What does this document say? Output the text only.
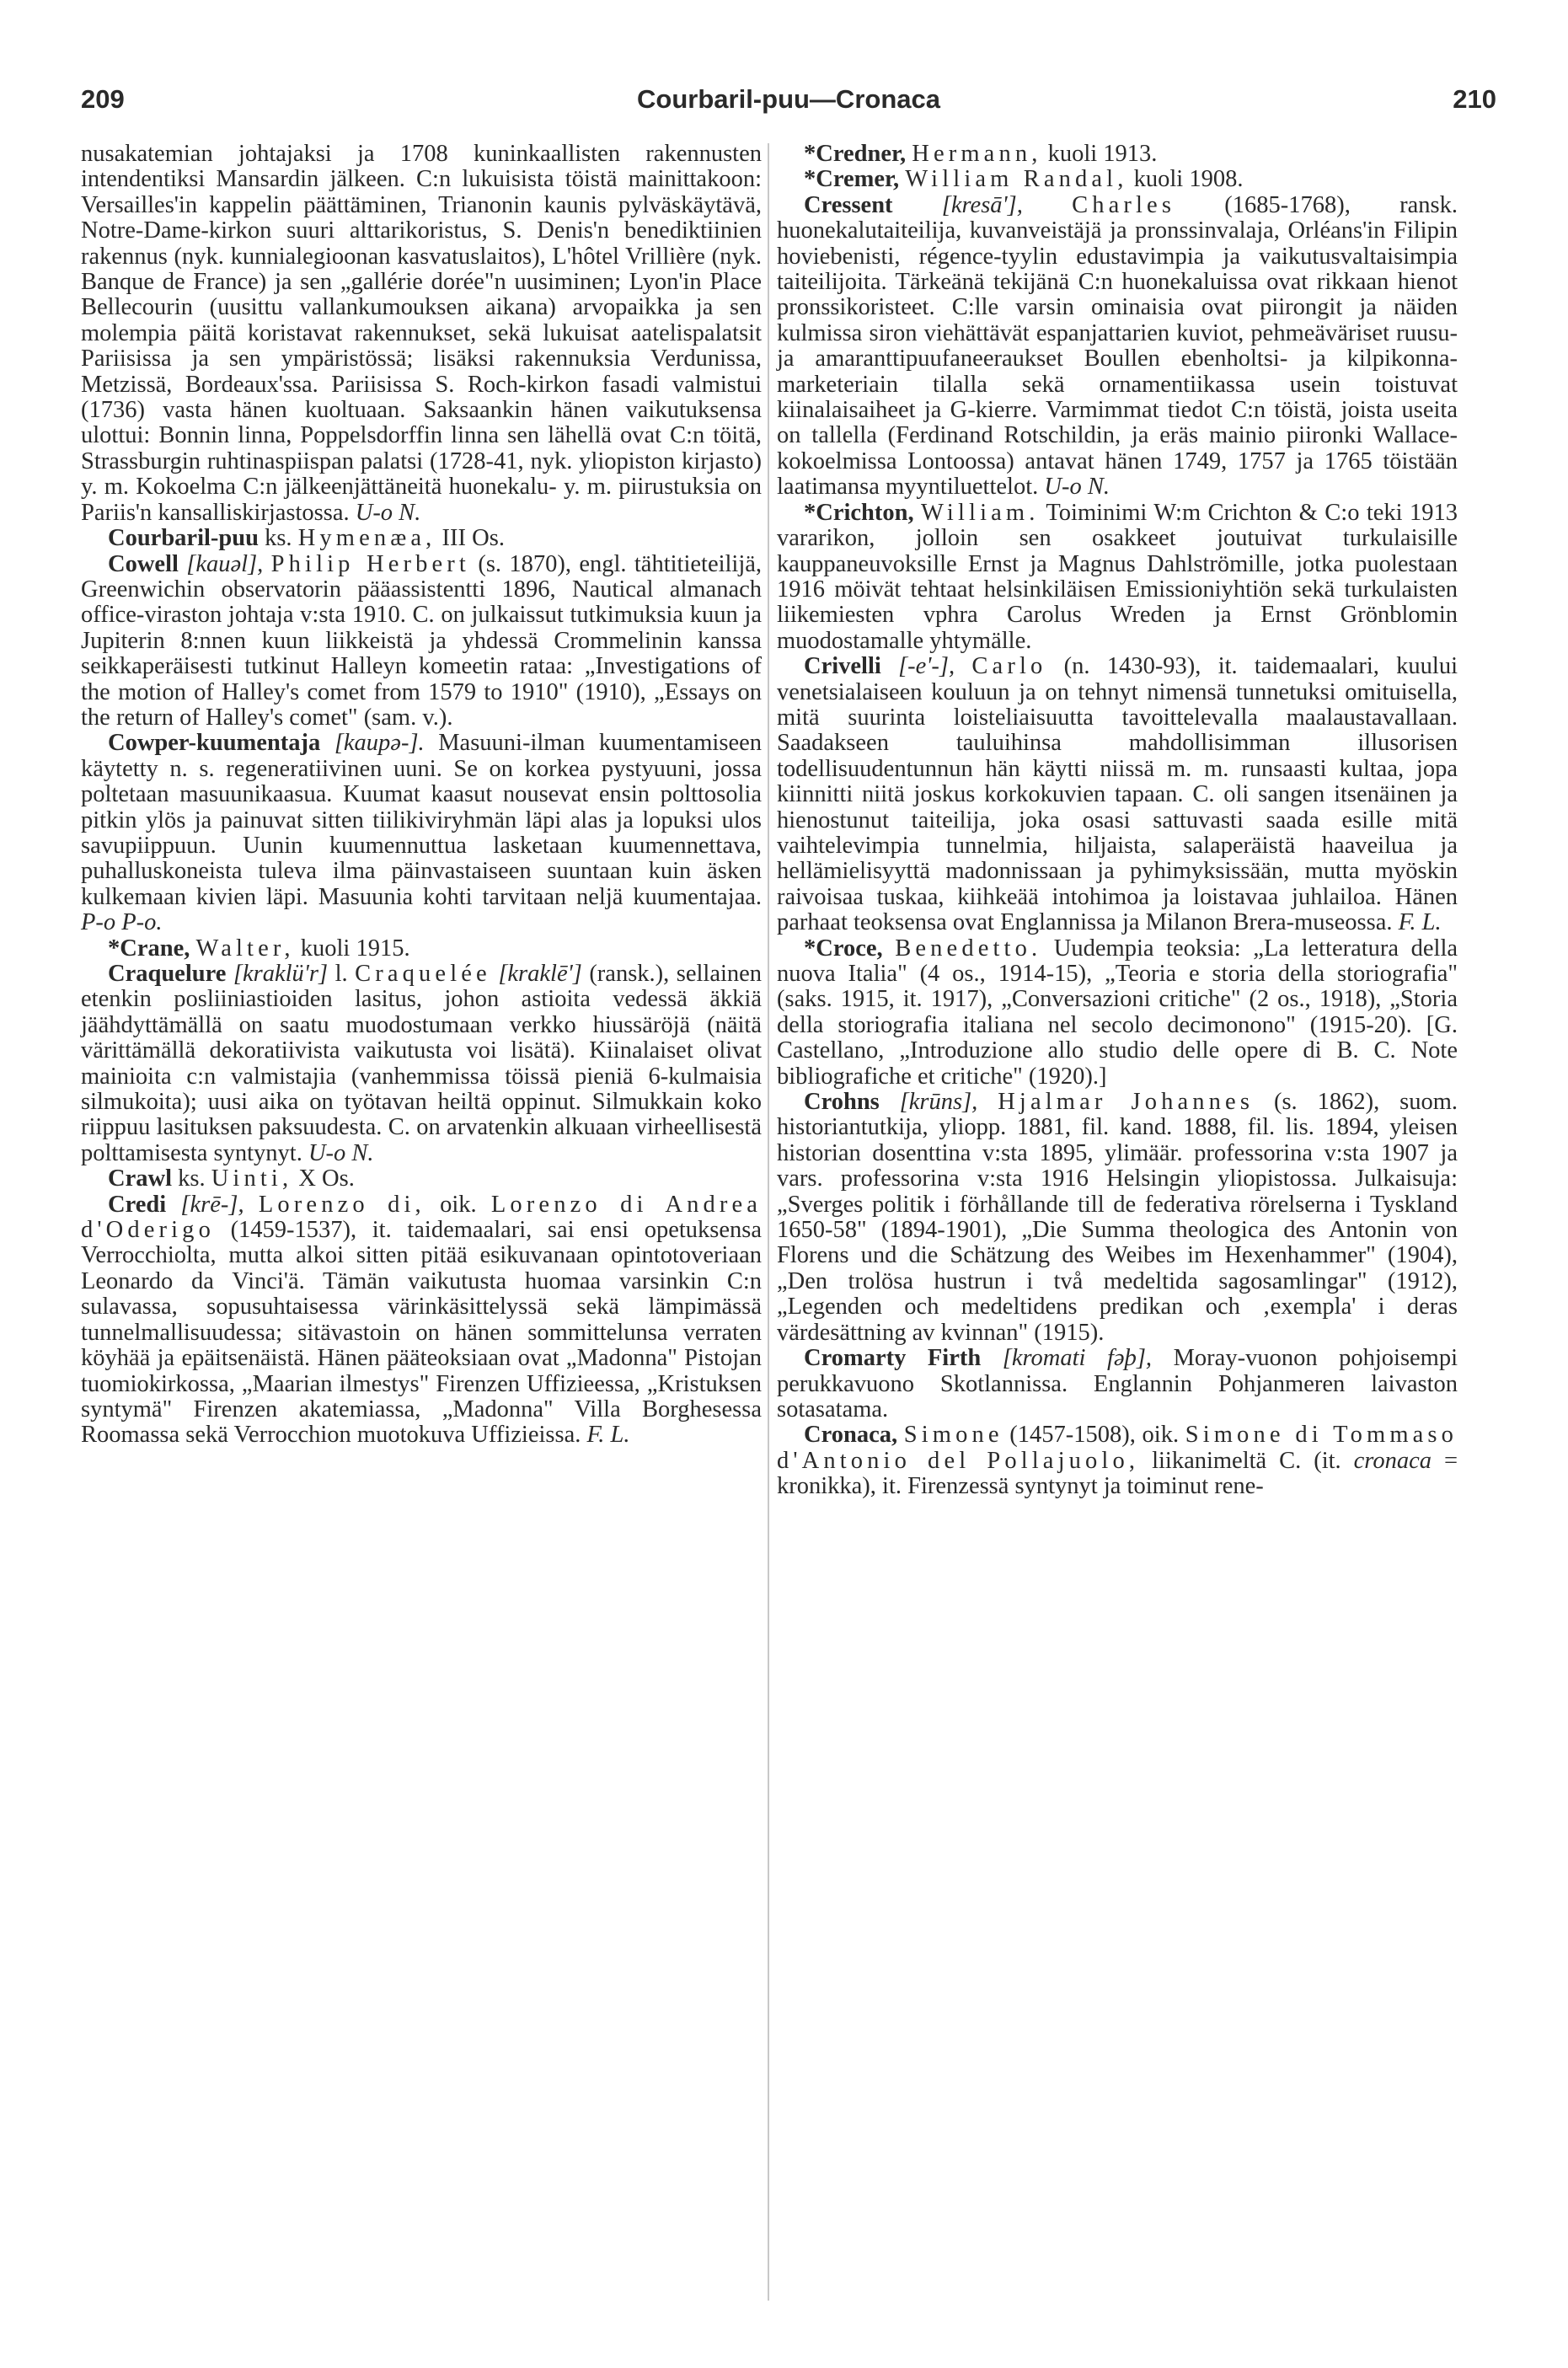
209	Courbaril-puu—Cronaca	210

nusakatemian johtajaksi ja 1708 kuninkaallisten rakennusten intendentiksi Mansardin jälkeen. C:n lukuisista töistä mainittakoon: Versailles'in kappelin päättäminen, Trianonin kaunis pylväskäytävä, Notre-Dame-kirkon suuri alttarikoristus, S. Denis'n benediktiinien rakennus (nyk. kunnialegioonan kasvatuslaitos), L'hôtel Vrillière (nyk. Banque de France) ja sen „gallérie dorée"n uusiminen; Lyon'in Place Bellecourin (uusittu vallankumouksen aikana) arvopaikka ja sen molempia päitä koristavat rakennukset, sekä lukuisat aatelispalatsit Pariisissa ja sen ympäristössä; lisäksi rakennuksia Verdunissa, Metzissä, Bordeaux'ssa. Pariisissa S. Roch-kirkon fasadi valmistui (1736) vasta hänen kuoltuaan. Saksaankin hänen vaikutuksensa ulottui: Bonnin linna, Poppelsdorffin linna sen lähellä ovat C:n töitä, Strassburgin ruhtinaspiispan palatsi (1728-41, nyk. yliopiston kirjasto) y. m. Kokoelma C:n jälkeenjättäneitä huonekalu- y. m. piirustuksia on Pariis'n kansalliskirjastossa. U-o N.

Courbaril-puu ks. Hymenæa, III Os.

Cowell [kauəl], Philip Herbert (s. 1870), engl. tähtitieteilijä, Greenwichin observatorin pääassistentti 1896, Nautical almanach office-viraston johtaja v:sta 1910. C. on julkaissut tutkimuksia kuun ja Jupiterin 8:nnen kuun liikkeistä ja yhdessä Crommelinin kanssa seikkaperäisesti tutkinut Halleyn komeetin rataa: „Investigations of the motion of Halley's comet from 1579 to 1910" (1910), „Essays on the return of Halley's comet" (sam. v.).

Cowper-kuumentaja [kaupə-]. Masuuni-ilman kuumentamiseen käytetty n. s. regeneratiivinen uuni. Se on korkea pystyuuni, jossa poltetaan masuunikaasua. Kuumat kaasut nousevat ensin polttosolia pitkin ylös ja painuvat sitten tiilikiviryhmän läpi alas ja lopuksi ulos savupiippuun. Uunin kuumennuttua lasketaan kuumennettava, puhalluskoneista tuleva ilma päinvastaiseen suuntaan kuin äsken kulkemaan kivien läpi. Masuunia kohti tarvitaan neljä kuumentajaa. P-o P-o.

*Crane, Walter, kuoli 1915.

Craquelure [kraklü'r] l. Craquelée [kraklē'] (ransk.), sellainen etenkin posliiniastioiden lasitus, johon astioita vedessä äkkiä jäähdyttämällä on saatu muodostumaan verkko hiussäröjä (näitä värittämällä dekoratiivista vaikutusta voi lisätä). Kiinalaiset olivat mainioita c:n valmistajia (vanhemmissa töissä pieniä 6-kulmaisia silmukoita); uusi aika on työtavan heiltä oppinut. Silmukkain koko riippuu lasituksen paksuudesta. C. on arvatenkin alkuaan virheellisestä polttamisesta syntynyt. U-o N.

Crawl ks. Uinti, X Os.

Credi [krē-], Lorenzo di, oik. Lorenzo di Andrea d'Oderigo (1459-1537), it. taidemaalari, sai ensi opetuksensa Verrocchiolta, mutta alkoi sitten pitää esikuvanaan opintotoveriaan Leonardo da Vinci'ä. Tämän vaikutusta huomaa varsinkin C:n sulavassa, sopusuhtaisessa värinkäsittelyssä sekä lämpimässä tunnelmallisuudessa; sitävastoin on hänen sommittelunsa verraten köyhää ja epäitsenäistä. Hänen pääteoksiaan ovat „Madonna" Pistojan tuomiokirkossa, „Maarian ilmestys" Firenzen Uffizieessa, „Kristuksen syntymä" Firenzen akatemiassa, „Madonna" Villa Borghesessa Roomassa sekä Verrocchion muotokuva Uffizieissa. F. L.

*Credner, Hermann, kuoli 1913.

*Cremer, William Randal, kuoli 1908.

Cressent [kresā'], Charles (1685-1768), ransk. huonekalutaiteilija, kuvanveistäjä ja pronssinvalaja, Orléans'in Filipin hoviebenisti, régence-tyylin edustavimpia ja vaikutusvaltaisimpia taiteilijoita. Tärkeänä tekijänä C:n huonekaluissa ovat rikkaan hienot pronssikoristeet. C:lle varsin ominaisia ovat piirongit ja näiden kulmissa siron viehättävät espanjattarien kuviot, pehmeäväriset ruusu- ja amaranttipuufaneeraukset Boullen ebenholtsi- ja kilpikonna-marketeriain tilalla sekä ornamentiikassa usein toistuvat kiinalaisaiheet ja G-kierre. Varmimmat tiedot C:n töistä, joista useita on tallella (Ferdinand Rotschildin, ja eräs mainio piironki Wallace-kokoelmissa Lontoossa) antavat hänen 1749, 1757 ja 1765 töistään laatimansa myyntiluettelot. U-o N.

*Crichton, William. Toiminimi W:m Crichton & C:o teki 1913 vararikon, jolloin sen osakkeet joutuivat turkulaisille kauppaneuvoksille Ernst ja Magnus Dahlströmille, jotka puolestaan 1916 möivät tehtaat helsinkiläisen Emissioniyhtiön sekä turkulaisten liikemiesten vphra Carolus Wreden ja Ernst Grönblomin muodostamalle yhtymälle.

Crivelli [-e'-], Carlo (n. 1430-93), it. taidemaalari, kuului venetsialaiseen kouluun ja on tehnyt nimensä tunnetuksi omituisella, mitä suurinta loisteliaisuutta tavoittelevalla maalaustavallaan. Saadakseen tauluihinsa mahdollisimman illusorisen todellisuudentunnun hän käytti niissä m. m. runsaasti kultaa, jopa kiinnitti niitä joskus korkokuvien tapaan. C. oli sangen itsenäinen ja hienostunut taiteilija, joka osasi sattuvasti saada esille mitä vaihtelevimpia tunnelmia, hiljaista, salaperäistä haaveilua ja hellämielisyyttä madonnissaan ja pyhimyksissään, mutta myöskin raivoisaa tuskaa, kiihkeää intohimoa ja loistavaa juhlailoa. Hänen parhaat teoksensa ovat Englannissa ja Milanon Brera-museossa. F. L.

*Croce, Benedetto. Uudempia teoksia: „La letteratura della nuova Italia" (4 os., 1914-15), „Teoria e storia della storiografia" (saks. 1915, it. 1917), „Conversazioni critiche" (2 os., 1918), „Storia della storiografia italiana nel secolo decimonono" (1915-20). [G. Castellano, „Introduzione allo studio delle opere di B. C. Note bibliografiche et critiche" (1920).]

Crohns [krūns], Hjalmar Johannes (s. 1862), suom. historiantutkija, yliopp. 1881, fil. kand. 1888, fil. lis. 1894, yleisen historian dosenttina v:sta 1895, ylimäär. professorina v:sta 1907 ja vars. professorina v:sta 1916 Helsingin yliopistossa. Julkaisuja: „Sverges politik i förhållande till de federativa rörelserna i Tyskland 1650-58" (1894-1901), „Die Summa theologica des Antonin von Florens und die Schätzung des Weibes im Hexenhammer" (1904), „Den trolösa hustrun i två medeltida sagosamlingar" (1912), „Legenden och medeltidens predikan och ‚exempla' i deras värdesättning av kvinnan" (1915).

Cromarty Firth [kromati fəþ], Moray-vuonon pohjoisempi perukkavuono Skotlannissa. Englannin Pohjanmeren laivaston sotasatama.

Cronaca, Simone (1457-1508), oik. Simone di Tommaso d'Antonio del Pollajuolo, liikanimeltä C. (it. cronaca = kronikka), it. Firenzessä syntynyt ja toiminut rene-
